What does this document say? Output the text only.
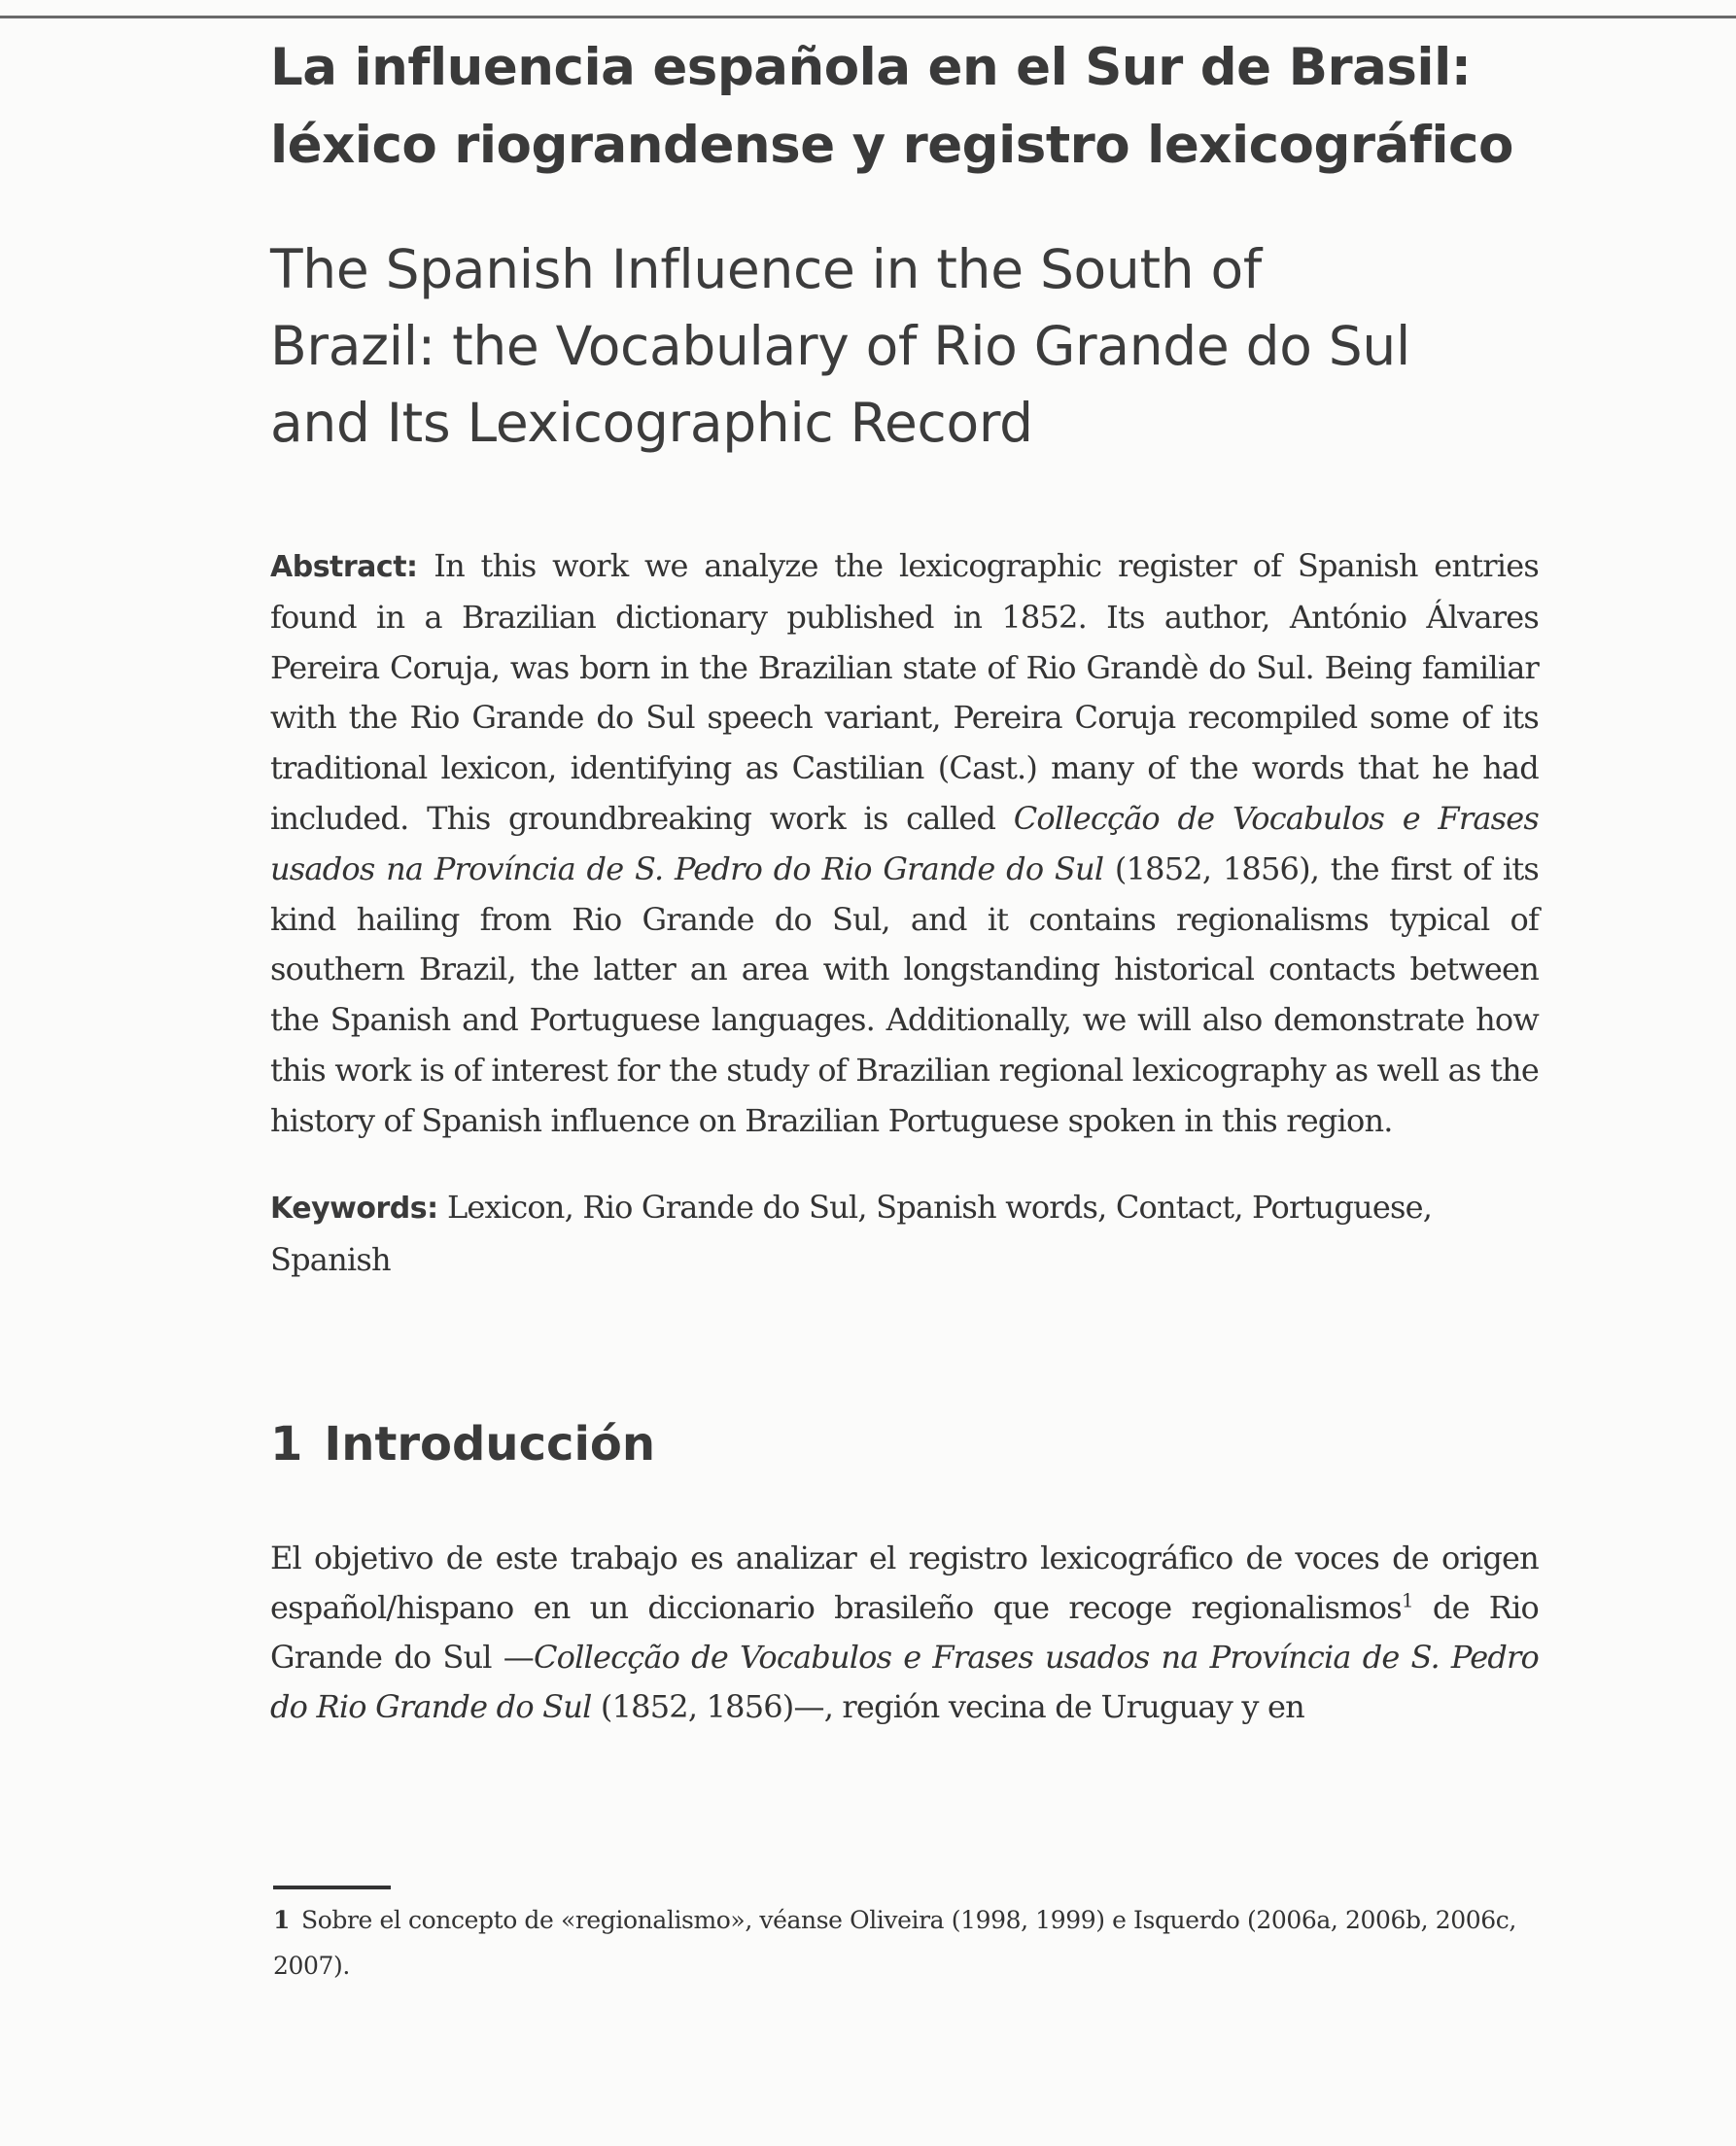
La influencia española en el Sur de Brasil:
léxico riograndense y registro lexicográfico
The Spanish Influence in the South of
Brazil: the Vocabulary of Rio Grande do Sul
and Its Lexicographic Record

Abstract: In this work we analyze the lexicographic register of Spanish entries found in a Brazilian dictionary published in 1852. Its author, António Álvares Pereira Coruja, was born in the Brazilian state of Rio Grandè do Sul. Being familiar with the Rio Grande do Sul speech variant, Pereira Coruja recompiled some of its traditional lexicon, identifying as Castilian (Cast.) many of the words that he had included. This groundbreaking work is called Collecção de Vocabulos e Frases usados na Província de S. Pedro do Rio Grande do Sul (1852, 1856), the first of its kind hailing from Rio Grande do Sul, and it contains regionalisms typical of southern Brazil, the latter an area with longstanding historical contacts between the Spanish and Portuguese languages. Additionally, we will also demonstrate how this work is of interest for the study of Brazilian regional lexicography as well as the history of Spanish influence on Brazilian Portuguese spoken in this region.

Keywords: Lexicon, Rio Grande do Sul, Spanish words, Contact, Portuguese, Spanish

1 Introducción

El objetivo de este trabajo es analizar el registro lexicográfico de voces de origen español/hispano en un diccionario brasileño que recoge regionalismos$^1$ de Rio Grande do Sul —Collecção de Vocabulos e Frases usados na Província de S. Pedro do Rio Grande do Sul (1852, 1856)—, región vecina de Uruguay y en

1 Sobre el concepto de «regionalismo», véanse Oliveira (1998, 1999) e Isquerdo (2006a, 2006b, 2006c, 2007).
